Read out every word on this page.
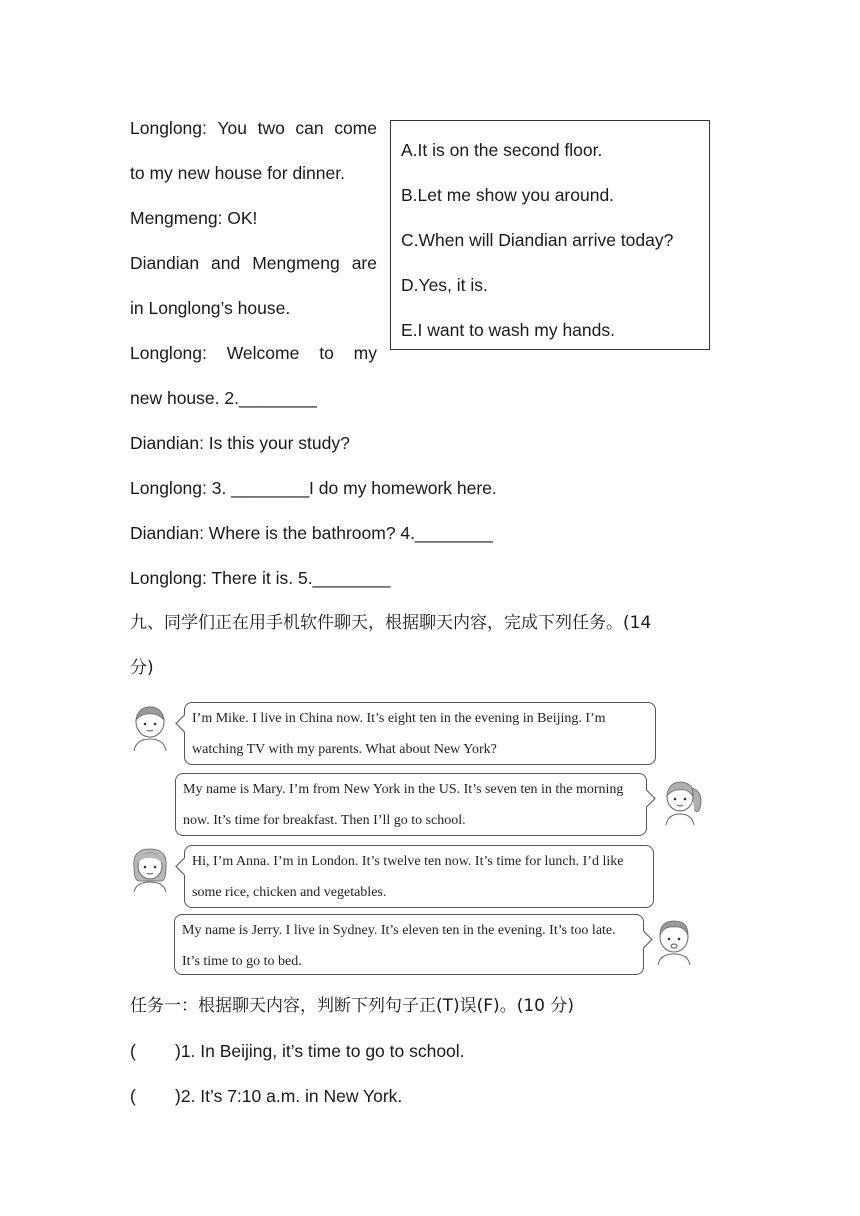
Longlong: You two can come
to my new house for dinner.
Mengmeng: OK!
Diandian and Mengmeng are
in Longlong’s house.
Longlong: Welcome to my
new house. 2.________
Diandian: Is this your study?
Longlong: 3. ________I do my homework here.
Diandian: Where is the bathroom? 4.________
Longlong: There it is. 5.________
A.It is on the second floor.
B.Let me show you around.
C.When will Diandian arrive today?
D.Yes, it is.
E.I want to wash my hands.
九、同学们正在用手机软件聊天，根据聊天内容，完成下列任务。(14
分)
I’m Mike. I live in China now. It’s eight ten in the evening in Beijing. I’m
watching TV with my parents. What about New York?
My name is Mary. I’m from New York in the US. It’s seven ten in the morning
now. It’s time for breakfast. Then I’ll go to school.
Hi, I’m Anna. I’m in London. It’s twelve ten now. It’s time for lunch. I’d like
some rice, chicken and vegetables.
My name is Jerry. I live in Sydney. It’s eleven ten in the evening. It’s too late.
It’s time to go to bed.
任务一：根据聊天内容，判断下列句子正(T)误(F)。(10 分)
( )1. In Beijing, it’s time to go to school.
( )2. It’s 7:10 a.m. in New York.
